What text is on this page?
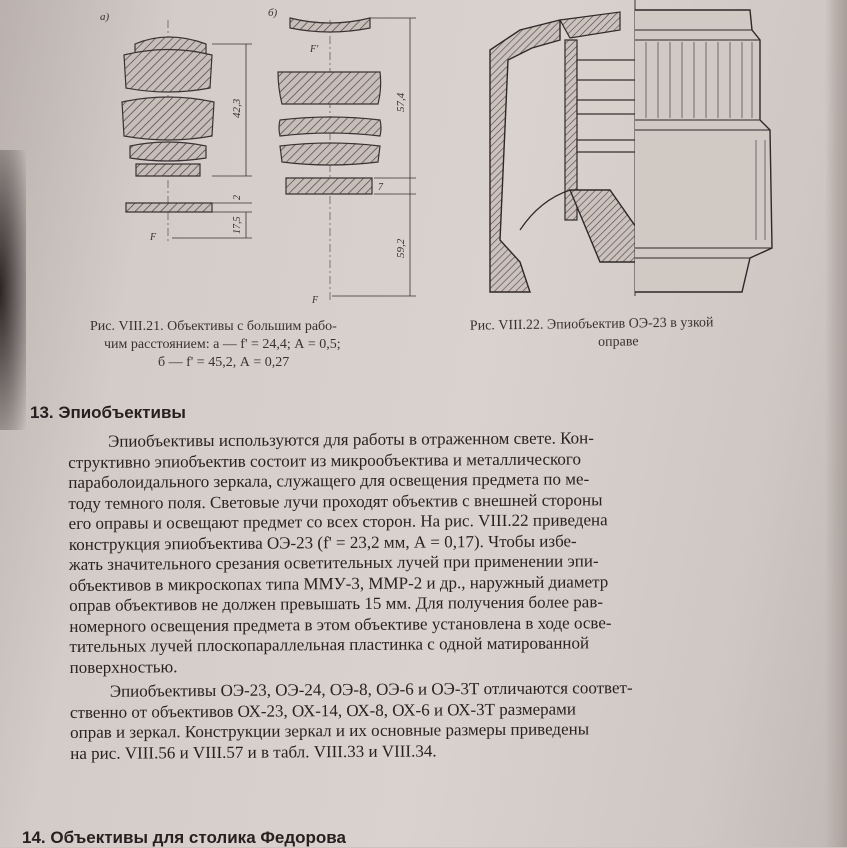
а)
42,3
2
17,5
F
б)
F'
57,4
7
59,2
F
Рис. VIII.21. Объективы с большим рабо-
чим расстоянием: а — f' = 24,4; А = 0,5;
б — f' = 45,2, А = 0,27
Рис. VIII.22. Эпиобъектив ОЭ-23 в узкой
оправе
13. Эпиобъективы
Эпиобъективы используются для работы в отраженном свете. Кон-
структивно эпиобъектив состоит из микрообъектива и металлического
параболоидального зеркала, служащего для освещения предмета по ме-
тоду темного поля. Световые лучи проходят объектив с внешней стороны
его оправы и освещают предмет со всех сторон. На рис. VIII.22 приведена
конструкция эпиобъектива ОЭ-23 (f' = 23,2 мм, А = 0,17). Чтобы избе-
жать значительного срезания осветительных лучей при применении эпи-
объективов в микроскопах типа ММУ-3, ММР-2 и др., наружный диаметр
оправ объективов не должен превышать 15 мм. Для получения более рав-
номерного освещения предмета в этом объективе установлена в ходе осве-
тительных лучей плоскопараллельная пластинка с одной матированной
поверхностью.
Эпиобъективы ОЭ-23, ОЭ-24, ОЭ-8, ОЭ-6 и ОЭ-3Т отличаются соответ-
ственно от объективов ОХ-23, ОХ-14, ОХ-8, ОХ-6 и ОХ-3Т размерами
оправ и зеркал. Конструкции зеркал и их основные размеры приведены
на рис. VIII.56 и VIII.57 и в табл. VIII.33 и VIII.34.
14. Объективы для столика Федорова
